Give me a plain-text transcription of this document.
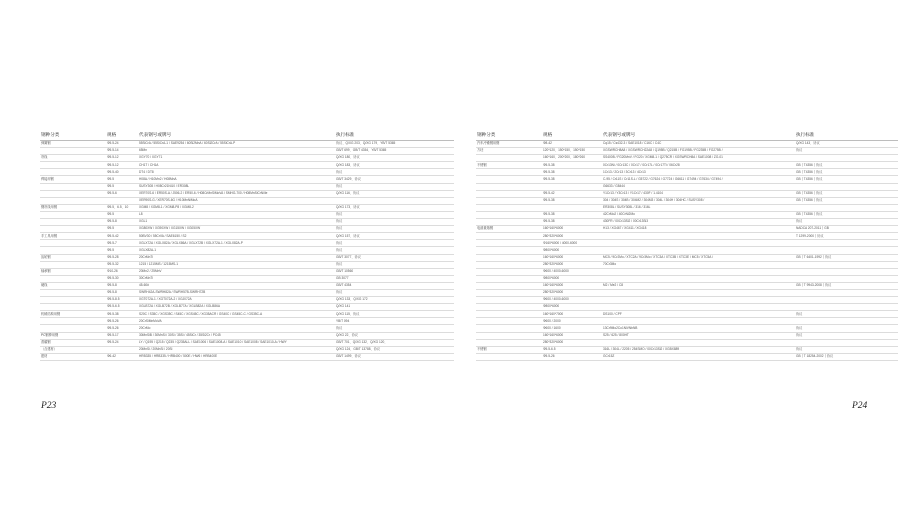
钢种分类	规格	代表钢号或牌号	执行标准
弹簧钢	Φ5.5-24	55SiCrA / 55SiCrA-1 / SAE9254 / 60Si2MnA / 60Si2CrA / 55SiCrA-P	协议、Q/XG 203、Q/XG 179、YB/T 5365
	Φ5.5-14	65Mn	GB/T 699、GB/T 4354、YB/T 5365
帘线	Φ5.5-12	XGY70 / XGY71	Q/XG 180、协议
	Φ5.5-12	CH1T / CH1A	Q/XG 183、协议
	Φ5.5-40	DT4 / DT8	协议
焊接用钢	Φ5.5	H08A / H10Mn2 / H08MnA	GB/T 3429、协议
	Φ5.5	SUSY308 / H08Cr21Ni10 / ER308L	协议
	Φ5.5-6	XER70S-6 / ER50S-A / J506-2 / ER50-6 / H08CrMnSiMoVA / SMHG-700 / H08MnSiCrNiIIe	Q/XG 116、协议
		XER90S-G / XER70S-6G / H10MnNiMoA	
钢帘线用钢	Φ5.5、6.5、10	XGM8 / XGM8-1 / XGM8-P8 / XGM8-2	Q/XG 173、协议
	Φ5.5	L8	协议
	Φ5.5-8	XGL1	协议
	Φ5.5	XG80XW / XG90XW / XG15XW / XG05XW	协议
手工具用钢	Φ5.5-42	50BV30 / 55CrVA / SAE6150 / S2	Q/XG 157、协议
	Φ5.5-7	XGLX72A / XGLX82A / XGLX86A / XGLX72B / XGLX72A-1 / XGLX82A-P	协议
	Φ5.5	XGLX82A-1	协议
齿轮钢	Φ5.5-28	20CrMnTi	GB/T 3077、协议
	Φ5.5-32	1215 / 1215MS / 1215MS-1	协议
轴承钢	Φ10-26	20Mn2 / 25MnV	GB/T 10560
	Φ5.5-30	30CrMnTi	GB 3077
硬线	Φ5.5-8	45-60#	GB/T 4354
	Φ5.5-8	SWRH42A-SWRH82A / SWRH57B-SWRH72B	协议
	Φ5.5-8.5	XGT072A-1 / XGT072A-2 / XGJ072A	Q/XG 133、Q/XG 172
	Φ5.5-6.5	XGLB72A / XGLB72B / XGLB77A / XGLB82A / XGLB86A	Q/XG 141
机械结构用钢	Φ5.5-38	S20C / S35C / XGS35C / S45C / XGS45C / XG35ACR / GS40C / GS45C-C / GS35C-A	Q/XG 115、协议
	Φ5.5-26	20CrSiMnMoVA	YB/T 094
	Φ5.5-26	20CrMo	协议
PC钢棒用钢	Φ5.5-17	30MnSiB / 30MnSi / 30Si / 35Si / 45SiCr / 35Si2Cr / PC45	Q/XG 22、协议
普碳钢	Φ5.5-24	LY / Q195 / Q215 / Q235 / Q235ALL / SAE1006 / SAE1008-A / SAE1010 / SAE1008 / SAE1010-A / HWY	GB/T 701、Q/XG 132、Q/XG 120、
（含建材）		20MnSi / 20MnSi / 20Si	Q/XG 124、GB/T 13788、协议
建材	Φ6-42	HRB335 / HRB335 / HRB400 / 500E / HW6 / HRB400E	GB/T 1499、协议
钢种分类	规格	代表钢号或牌号	执行标准
汽车冷镦钢用钢	Φ8-42	Cq15 / Cs432-3 / SAE1018 / C16C / C4C	Q/XG 143、协议
方坯	120*120、150*150、150*150	XGSWRCH8A8 / XGSWRCH22A8 / Q195B / Q215B / FG195B / FG235B / FG275B /	协议
	160*160、200*200、180*260	SS400B / FG20MnV / FG20 / XGM8-1 / Q275CR / XGSWRCH8A / SAE1008 / ZG-01	
不锈钢	Φ5.5-38	0Cr13Ni / 0Cr13C / 0Cr17 / 0Cr17L / 0Cr17Ti / 06Cr28	GB丨T4356丨协议
	Φ5.5-38	1Cr13 / 2Cr13 / 3Cr13 / 4Cr13	GB丨T4356丨协议
	Φ5.5-38	C-95 / Cr11S / Cr11S-L / G5722 / G7624 / G7724 / G6611 / G7494 / G7634 / G7494 /	GB丨T4356丨协议
		G6633 / G8444	
	Φ5.5-42	Y1Cr13 / Y3Cr13 / Y1Cr17 / 430F / 1.4104	GB丨T4356丨协议
	Φ5.5-38	304 / 304S / 304B / 304M2 / 304M3 / 304L / 304H / 304HC / SUSY308 /	GB丨T4356丨协议
		ER308L / SUSY308L / 316 / 316L	
	Φ5.5-38	42CrMo2 / 40CrNi2Mo	GB丨T4356丨协议
	Φ5.5-38	430FR / 00Cr13Si2 / 00Cr13Si3	协议
电渣重熔钢	160*160*6000	H13 / XG467 / XG411 / XG418	NADCA 207-2011丨GB
	280*320*6000		T 1299-2000丨协议
	Φ160*6000 / 4000-6000		
	Φ800*6000		
	160*160*6000	MC5 / 9Cr2Mo / XTC2A / 9Cr3Mo / XTC3A / XTC3B / XTC3E / MC5 / XTC5A /	GB丨T 6401-1992丨协议
	280*320*6000	70Cr3Mo	
	Φ600 / 4000-6000		
	Φ800*6000		
	160*160*6000	M2 / Me2 / C8	GB丨T 9943-2008丨协议
	280*320*6000		
	Φ600 / 4000-6000		
	Φ800*6000		
	160*160*7000	DS100 / CPF	协议
	Φ600 / 2000		
	Φ600 / 1600	13Cr9Mo2Co1NiVNbNB	协议
	160*160*6000	S25 / 625 / 800HT	协议
	280*320*6000		
不锈钢	Φ5.5-6.5	316L / 304L / 2205 / 254SMO / 00Cr13Si2 / XGBX889	协议
	Φ5.5-26	GCr15Z	GB丨T 18254-2002丨协议
P23	P24
